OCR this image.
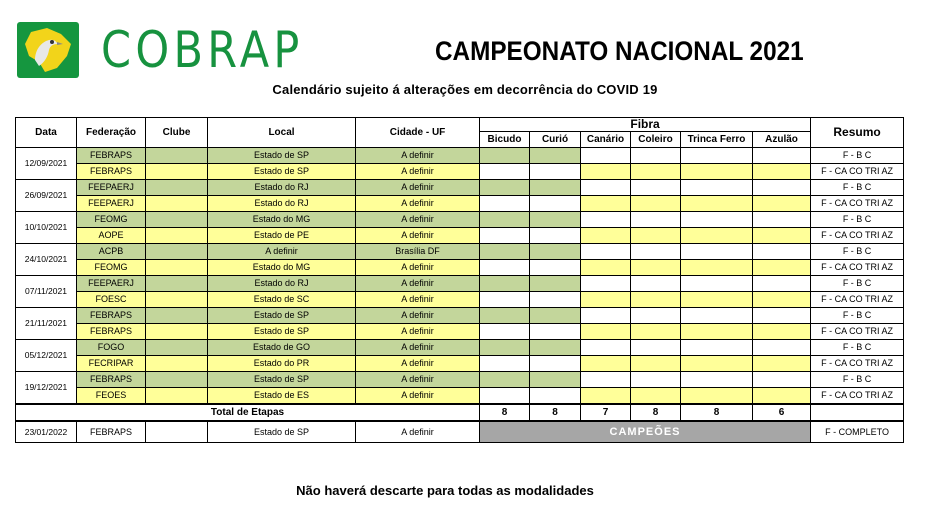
COBRAP	CAMPEONATO NACIONAL 2021
Calendário sujeito á alterações em decorrência do COVID 19
Data	Federação	Clube	Local	Cidade - UF	Fibra						Resumo
					Bicudo	Curió	Canário	Coleiro	Trinca Ferro	Azulão	
12/09/2021	FEBRAPS		Estado de SP	A definir							F - B C
	FEBRAPS		Estado de SP	A definir							F - CA CO TRI AZ
26/09/2021	FEEPAERJ		Estado do RJ	A definir							F - B C
	FEEPAERJ		Estado do RJ	A definir							F - CA CO TRI AZ
10/10/2021	FEOMG		Estado do MG	A definir							F - B C
	AOPE		Estado de PE	A definir							F - CA CO TRI AZ
24/10/2021	ACPB		A definir	Brasília DF							F - B C
	FEOMG		Estado do MG	A definir							F - CA CO TRI AZ
07/11/2021	FEEPAERJ		Estado do RJ	A definir							F - B C
	FOESC		Estado de SC	A definir							F - CA CO TRI AZ
21/11/2021	FEBRAPS		Estado de SP	A definir							F - B C
	FEBRAPS		Estado de SP	A definir							F - CA CO TRI AZ
05/12/2021	FOGO		Estado de GO	A definir							F - B C
	FECRIPAR		Estado do PR	A definir							F - CA CO TRI AZ
19/12/2021	FEBRAPS		Estado de SP	A definir							F - B C
	FEOES		Estado de ES	A definir							F - CA CO TRI AZ
Total de Etapas					8	8	7	8	8	6	
23/01/2022	FEBRAPS		Estado de SP	A definir	CAMPEÕES						F - COMPLETO
Não haverá descarte para todas as modalidades
